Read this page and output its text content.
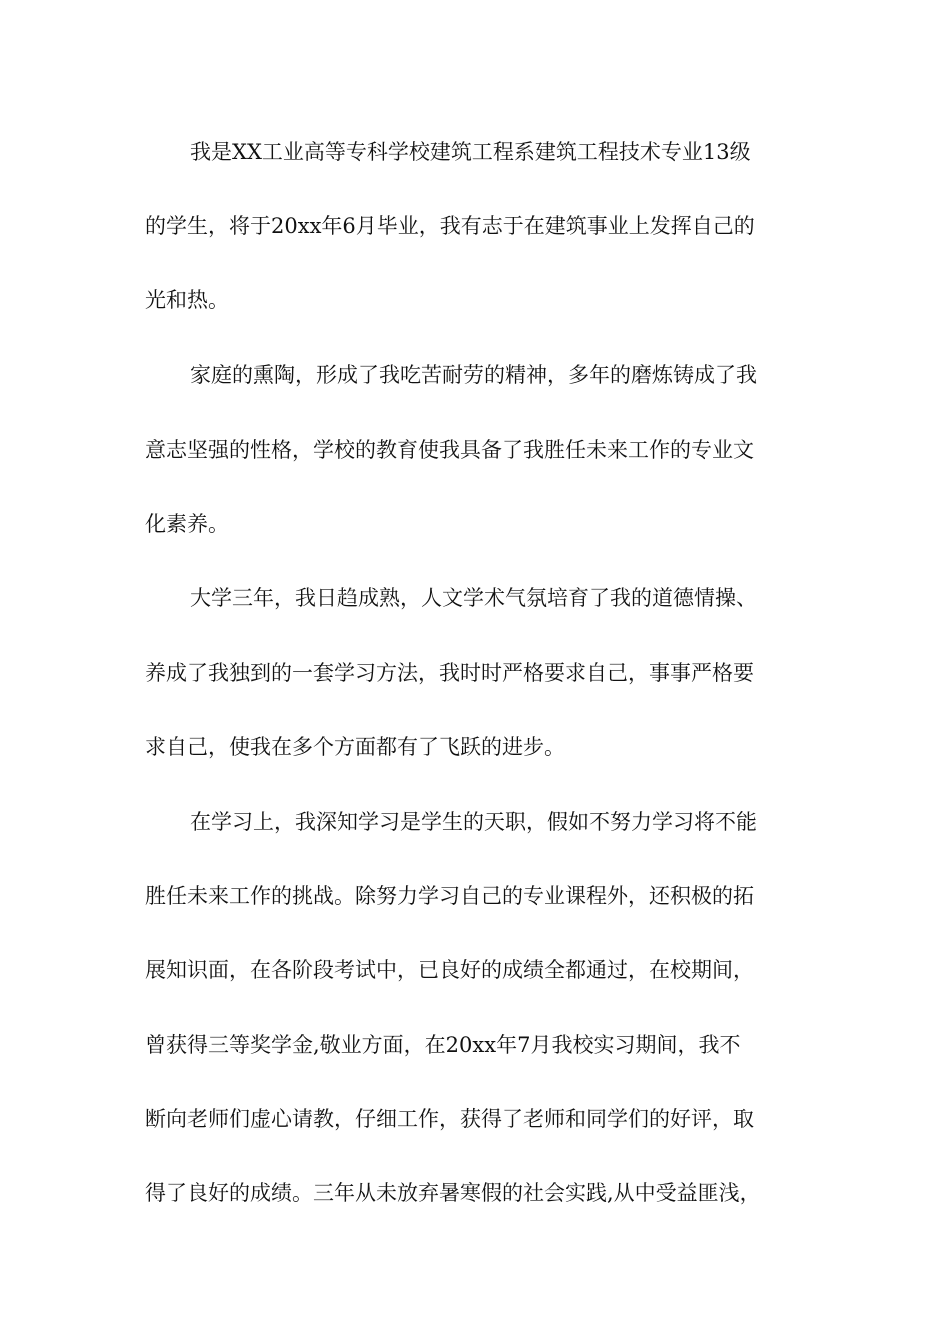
我是XX工业高等专科学校建筑工程系建筑工程技术专业13级
的学生，将于20xx年6月毕业，我有志于在建筑事业上发挥自己的
光和热。
家庭的熏陶，形成了我吃苦耐劳的精神，多年的磨炼铸成了我
意志坚强的性格，学校的教育使我具备了我胜任未来工作的专业文
化素养。
大学三年，我日趋成熟，人文学术气氛培育了我的道德情操、
养成了我独到的一套学习方法，我时时严格要求自己，事事严格要
求自己，使我在多个方面都有了飞跃的进步。
在学习上，我深知学习是学生的天职，假如不努力学习将不能
胜任未来工作的挑战。除努力学习自己的专业课程外，还积极的拓
展知识面，在各阶段考试中，已良好的成绩全都通过，在校期间，
曾获得三等奖学金,敬业方面，在20xx年7月我校实习期间，我不
断向老师们虚心请教，仔细工作，获得了老师和同学们的好评，取
得了良好的成绩。三年从未放弃暑寒假的社会实践,从中受益匪浅，
